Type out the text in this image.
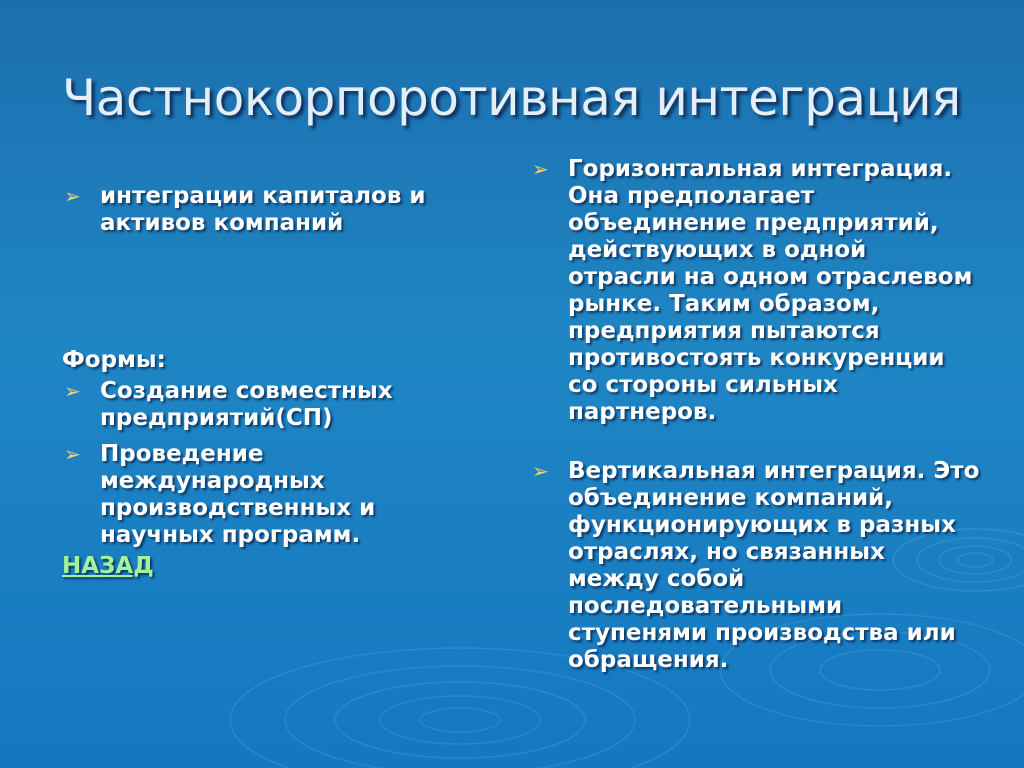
Частнокорпоротивная интеграция
➢ интеграции капиталов и активов компаний
Формы:
➢ Создание совместных предприятий(СП)
➢ Проведение международных производственных и научных программ.
НАЗАД
➢ Горизонтальная интеграция. Она предполагает объединение предприятий, действующих в одной отрасли на одном отраслевом рынке. Таким образом, предприятия пытаются противостоять конкуренции со стороны сильных партнеров.
➢ Вертикальная интеграция. Это объединение компаний, функционирующих в разных отраслях, но связанных между собой последовательными ступенями производства или обращения.
